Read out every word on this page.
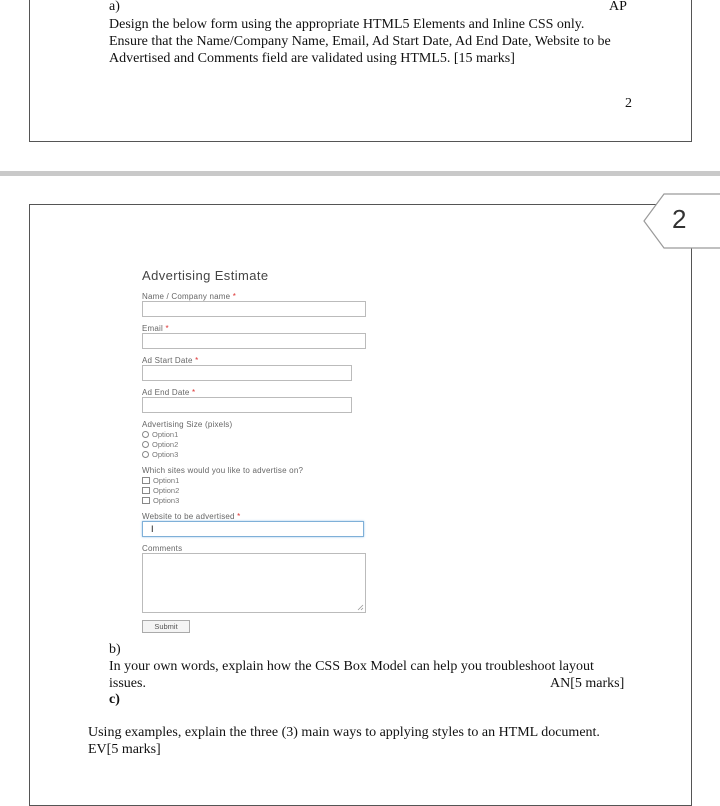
a)	AP
Design the below form using the appropriate HTML5 Elements and Inline CSS only.
Ensure that the Name/Company Name, Email, Ad Start Date, Ad End Date, Website to be
Advertised and Comments field are validated using HTML5. [15 marks]
2
2
Advertising Estimate
Name / Company name *
Email *
Ad Start Date *
Ad End Date *
Advertising Size (pixels)
Option1
Option2
Option3
Which sites would you like to advertise on?
Option1
Option2
Option3
Website to be advertised *
I
Comments
Submit
b)
In your own words, explain how the CSS Box Model can help you troubleshoot layout
issues.	AN[5 marks]
c)
Using examples, explain the three (3) main ways to applying styles to an HTML document.
EV[5 marks]
